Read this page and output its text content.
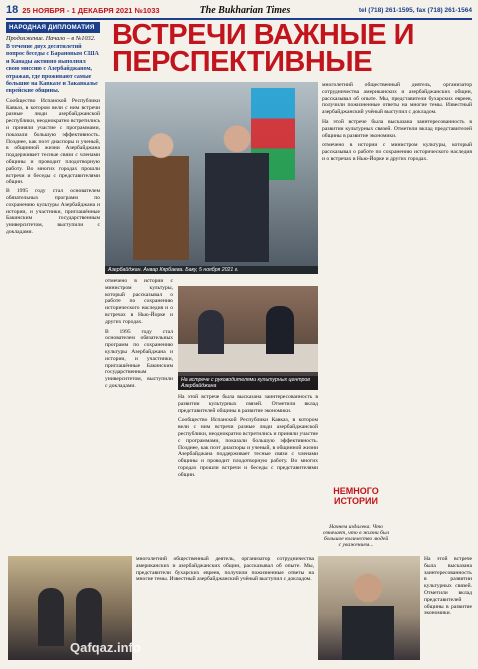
18 25 НОЯБРЯ - 1 ДЕКАБРЯ 2021 №1033	The Bukharian Times	tel (718) 261-1595, fax (718) 261-1564
НАРОДНАЯ ДИПЛОМАТИЯ
Продолжение. Начало – в №1032.
В течение двух десятилетий вопрос беседы с Барановым США и Канады активно выполнял свою миссию с Азербайджаном, отражая, где проживают самые большие на Кавказе и Закавказье еврейские общины.
Сообщество Испанской Республики Кавказ, в котором вели с ним встречи разные люди азербайджанской республики, неоднократно встретились и приняли участие с программами, показали большую эффективность. Позднее, как поэт диаспоры и ученый, в общинной жизни Азербайджана поддерживает тесные связи с членами общины и проводит плодотворную работу. Во многих городах прошли встречи и беседы с представителями общин.
В 1995 году стал основателем обязательных программ по сохранению культуры Азербайджана и истории, и участники, приглашённые Бакинским государственным университетом, выступили с докладами.
ВСТРЕЧИ ВАЖНЫЕ И ПЕРСПЕКТИВНЫЕ
Азербайджан. Анвар Кярбаева. Баку, 5 ноября 2021 г.
многолетний общественный деятель, организатор сотрудничества американских и азербайджанских общин, рассказывал об опыте. Мы, представители бухарских евреев, получили пожизненные ответы на многие темы. Известный азербайджанский учёный выступил с докладом.
На этой встрече была высказана заинтересованность в развитии культурных связей. Отметили вклад представителей общины в развитие экономики.
отмечено в истории с министром культуры, который рассказывал о работе по сохранению исторического наследия и о встречах в Нью-Йорке и других городах.
отмечено в истории с министром культуры, который рассказывал о работе по сохранению исторического наследия и о встречах в Нью-Йорке и других городах.
В 1995 году стал основателем обязательных программ по сохранению культуры Азербайджана и истории, и участники, приглашённые Бакинским государственным университетом, выступили с докладами.
На встрече с руководителями культурных центров Азербайджана
На этой встрече была высказана заинтересованность в развитии культурных связей. Отметили вклад представителей общины в развитие экономики.
Сообщество Испанской Республики Кавказ, в котором вели с ним встречи разные люди азербайджанской республики, неоднократно встретились и приняли участие с программами, показали большую эффективность. Позднее, как поэт диаспоры и ученый, в общинной жизни Азербайджана поддерживает тесные связи с членами общины и проводит плодотворную работу. Во многих городах прошли встречи и беседы с представителями общин.
НЕМНОГО ИСТОРИИ
Начнем издалека. Что означает, что в жизни был большое количество людей с уважением...
многолетний общественный деятель, организатор сотрудничества американских и азербайджанских общин, рассказывал об опыте. Мы, представители бухарских евреев, получили пожизненные ответы на многие темы. Известный азербайджанский учёный выступил с докладом.
На этой встрече была высказана заинтересованность в развитии культурных связей. Отметили вклад представителей общины в развитие экономики.
Qafqaz.info
